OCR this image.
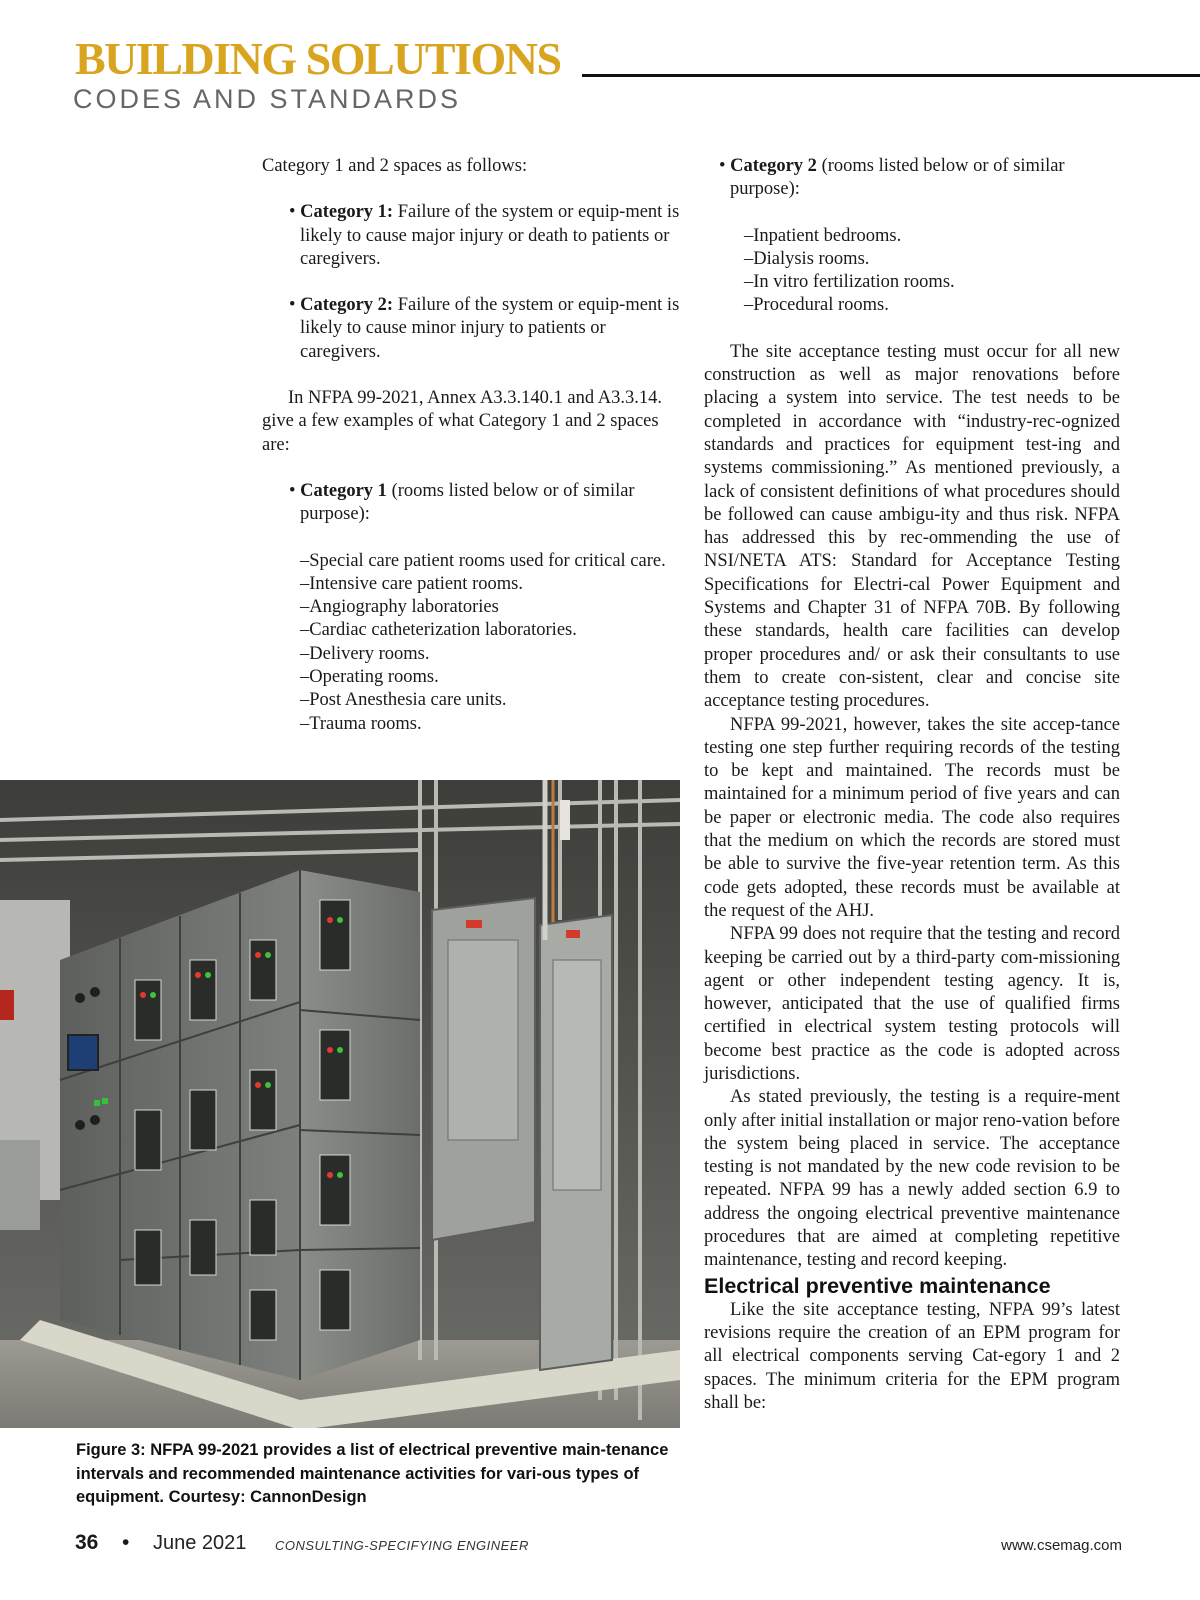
BUILDING SOLUTIONS
CODES AND STANDARDS

Category 1 and 2 spaces as follows:

• Category 1: Failure of the system or equip-ment is likely to cause major injury or death to patients or caregivers.

• Category 2: Failure of the system or equip-ment is likely to cause minor injury to patients or caregivers.

In NFPA 99-2021, Annex A3.3.140.1 and A3.3.14. give a few examples of what Category 1 and 2 spaces are:

• Category 1 (rooms listed below or of similar purpose):

–Special care patient rooms used for critical care.

–Intensive care patient rooms.

–Angiography laboratories

–Cardiac catheterization laboratories.

–Delivery rooms.

–Operating rooms.

–Post Anesthesia care units.

–Trauma rooms.

• Category 2 (rooms listed below or of similar purpose):

–Inpatient bedrooms.

–Dialysis rooms.

–In vitro fertilization rooms.

–Procedural rooms.

The site acceptance testing must occur for all new construction as well as major renovations before placing a system into service. The test needs to be completed in accordance with “industry-rec-ognized standards and practices for equipment test-ing and systems commissioning.” As mentioned previously, a lack of consistent definitions of what procedures should be followed can cause ambigu-ity and thus risk. NFPA has addressed this by rec-ommending the use of NSI/NETA ATS: Standard for Acceptance Testing Specifications for Electri-cal Power Equipment and Systems and Chapter 31 of NFPA 70B. By following these standards, health care facilities can develop proper procedures and/ or ask their consultants to use them to create con-sistent, clear and concise site acceptance testing procedures.

NFPA 99-2021, however, takes the site accep-tance testing one step further requiring records of the testing to be kept and maintained. The records must be maintained for a minimum period of five years and can be paper or electronic media. The code also requires that the medium on which the records are stored must be able to survive the five-year retention term. As this code gets adopted, these records must be available at the request of the AHJ.

NFPA 99 does not require that the testing and record keeping be carried out by a third-party com-missioning agent or other independent testing agency. It is, however, anticipated that the use of qualified firms certified in electrical system testing protocols will become best practice as the code is adopted across jurisdictions.

As stated previously, the testing is a require-ment only after initial installation or major reno-vation before the system being placed in service. The acceptance testing is not mandated by the new code revision to be repeated. NFPA 99 has a newly added section 6.9 to address the ongoing electrical preventive maintenance procedures that are aimed at completing repetitive maintenance, testing and record keeping.

Electrical preventive maintenance

Like the site acceptance testing, NFPA 99’s latest revisions require the creation of an EPM program for all electrical components serving Cat-egory 1 and 2 spaces. The minimum criteria for the EPM program shall be:

Figure 3: NFPA 99-2021 provides a list of electrical preventive main-tenance intervals and recommended maintenance activities for vari-ous types of equipment. Courtesy: CannonDesign
36 • June 2021 CONSULTING-SPECIFYING ENGINEER	www.csemag.com
